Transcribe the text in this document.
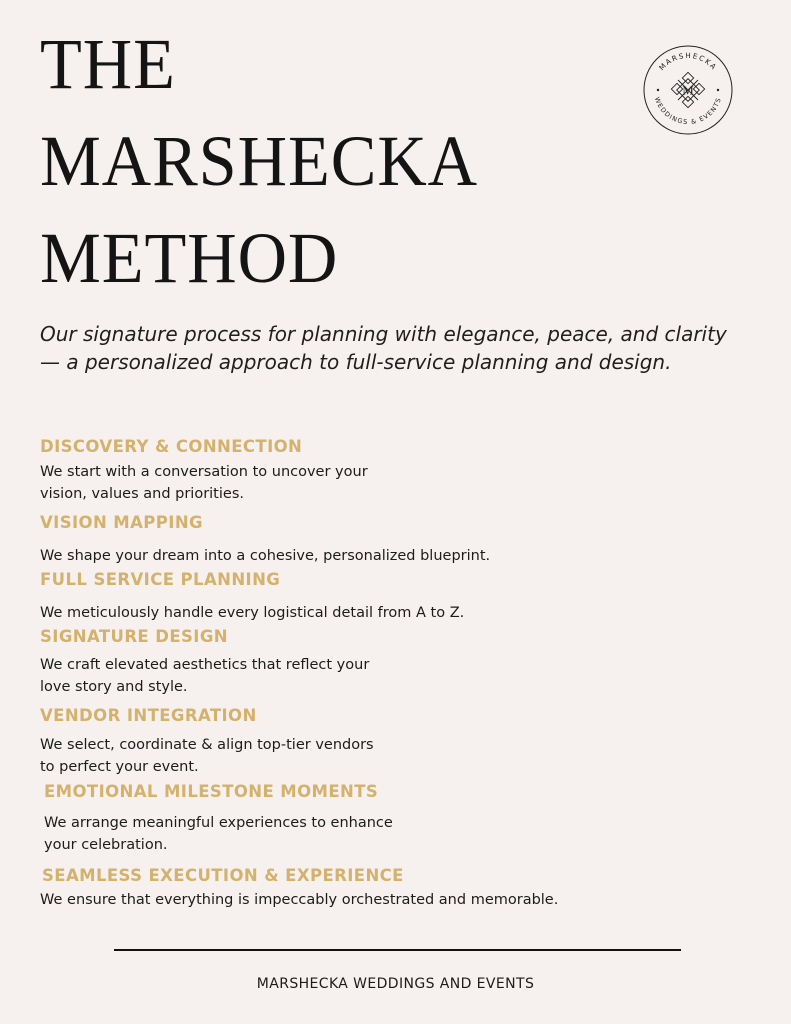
THE
MARSHECKA
METHOD
MARSHECKA
WEDDINGS & EVENTS
M

Our signature process for planning with elegance, peace, and clarity — a personalized approach to full-service planning and design.

DISCOVERY & CONNECTION

We start with a conversation to uncover your
vision, values and priorities.

VISION MAPPING

We shape your dream into a cohesive, personalized blueprint.

FULL SERVICE PLANNING

We meticulously handle every logistical detail from A to Z.

SIGNATURE DESIGN

We craft elevated aesthetics that reflect your
love story and style.

VENDOR INTEGRATION

We select, coordinate & align top-tier vendors
to perfect your event.

EMOTIONAL MILESTONE MOMENTS

We arrange meaningful experiences to enhance
your celebration.

SEAMLESS EXECUTION & EXPERIENCE

We ensure that everything is impeccably orchestrated and memorable.

MARSHECKA WEDDINGS AND EVENTS
